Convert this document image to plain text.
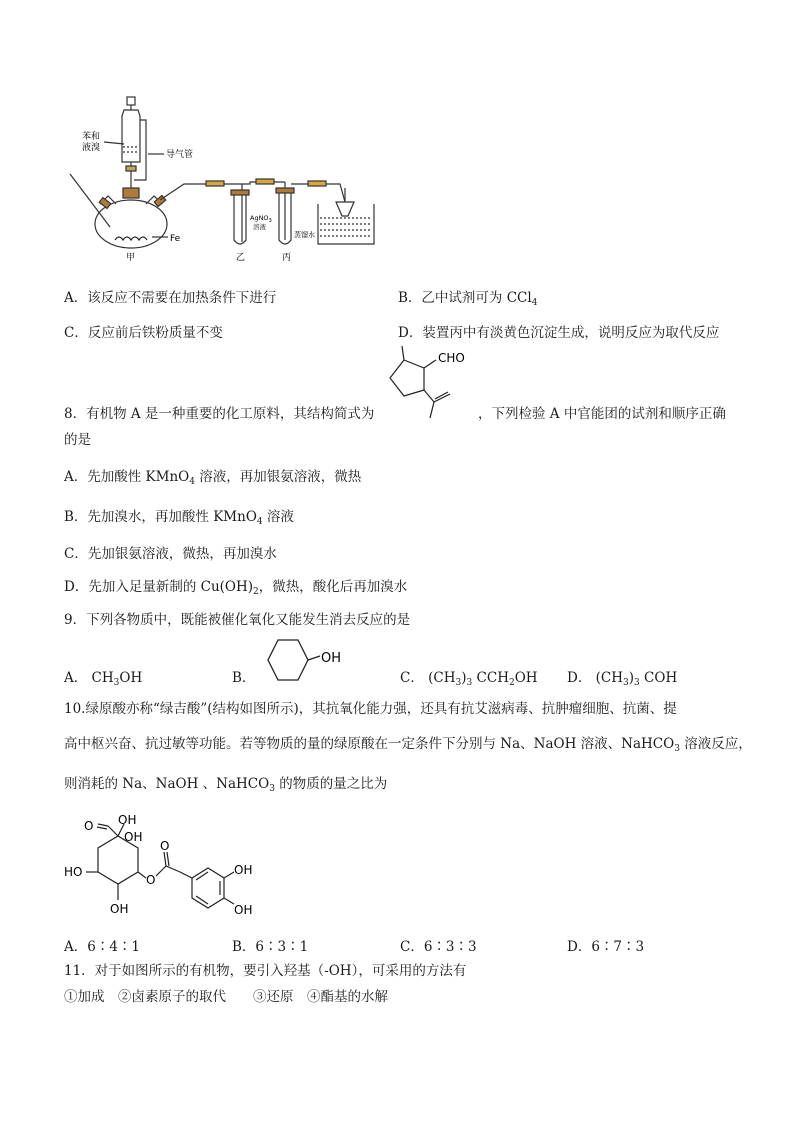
苯和
液溴
导气管
Fe
甲	乙	丙
AgNO$_3$
溶液
蒸馏水
A．该反应不需要在加热条件下进行	B．乙中试剂可为 CCl$_4$
C．反应前后铁粉质量不变	D．装置丙中有淡黄色沉淀生成，说明反应为取代反应
8．有机物 A 是一种重要的化工原料，其结构简式为
CHO
，下列检验 A 中官能团的试剂和顺序正确
的是
A．先加酸性 KMnO$_4$ 溶液，再加银氨溶液，微热
B．先加溴水，再加酸性 KMnO$_4$ 溶液
C．先加银氨溶液，微热，再加溴水
D．先加入足量新制的 $Cu(OH)_2$，微热，酸化后再加溴水
9．下列各物质中，既能被催化氧化又能发生消去反应的是
A． $CH_3OH$	B．
OH
C． $(CH_3)_3$ $CCH_2OH$ D． $(CH_3)_3$ COH
10.绿原酸亦称“绿吉酸”(结构如图所示)，其抗氧化能力强，还具有抗艾滋病毒、抗肿瘤细胞、抗菌、提
高中枢兴奋、抗过敏等功能。若等物质的量的绿原酸在一定条件下分别与 Na、NaOH 溶液、NaHCO$_3$ 溶液反应，
则消耗的 Na、NaOH 、NaHCO$_3$ 的物质的量之比为
O OH
OH
HO
OH
O
O
OH
OH
A．6∶4∶1	B．6∶3∶1	C．6∶3∶3	D．6∶7∶3
11．对于如图所示的有机物，要引入羟基（-OH），可采用的方法有
①加成　②卤素原子的取代　　③还原　④酯基的水解
